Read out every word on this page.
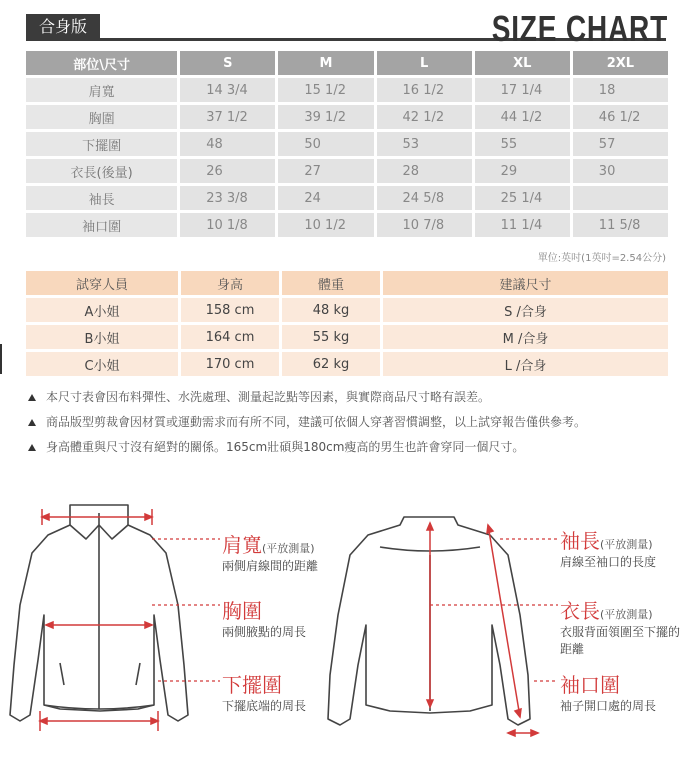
合身版	SIZE CHART
部位\尺寸	S	M	L	XL	2XL
肩寬	14 3/4	15 1/2	16 1/2	17 1/4	18
胸圍	37 1/2	39 1/2	42 1/2	44 1/2	46 1/2
下擺圍	48	50	53	55	57
衣長(後量)	26	27	28	29	30
袖長	23 3/8	24	24 5/8	25 1/4	
袖口圍	10 1/8	10 1/2	10 7/8	11 1/4	11 5/8
單位:英吋(1英吋=2.54公分)
試穿人員	身高	體重	建議尺寸
A小姐	158 cm	48 kg	S /合身
B小姐	164 cm	55 kg	M /合身
C小姐	170 cm	62 kg	L /合身
本尺寸表會因布料彈性、水洗處理、測量起訖點等因素，與實際商品尺寸略有誤差。
商品版型剪裁會因材質或運動需求而有所不同，建議可依個人穿著習慣調整，以上試穿報告僅供參考。
身高體重與尺寸沒有絕對的關係。165cm壯碩與180cm瘦高的男生也許會穿同一個尺寸。
肩寬(平放測量)
兩側肩線間的距離
胸圍
兩側腋點的周長
下擺圍
下擺底端的周長
袖長(平放測量)
肩線至袖口的長度
衣長(平放測量)
衣服背面領圍至下擺的距離
袖口圍
袖子開口處的周長
